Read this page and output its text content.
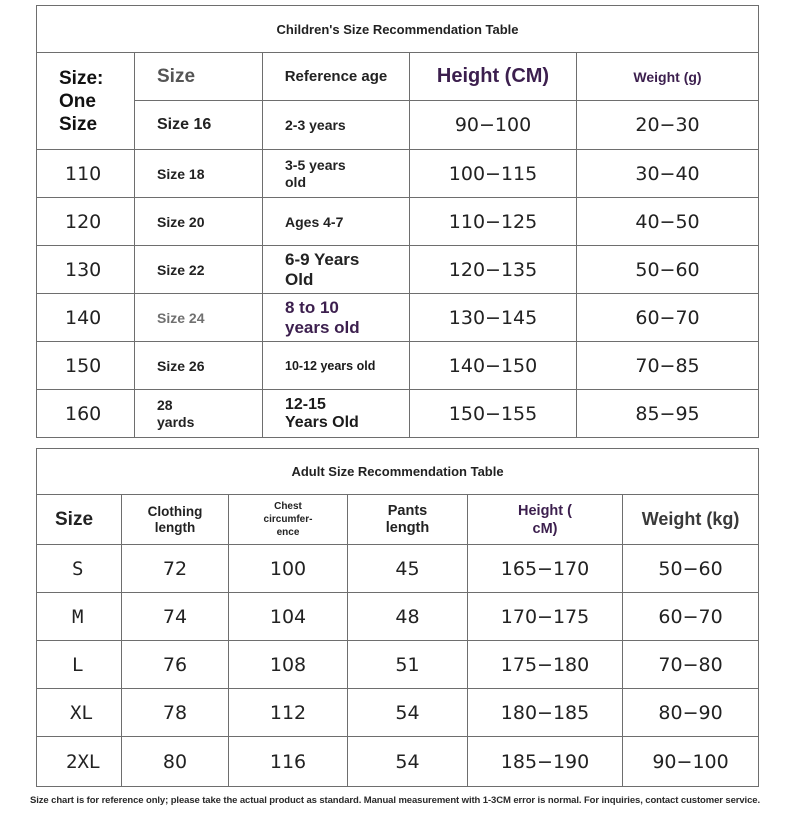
Children's Size Recommendation Table				
Size: One Size	Size	Reference age	Height (CM)	Weight (g)
	Size 16	2-3 years	90−100	20−30
110	Size 18	3-5 years old	100−115	30−40
120	Size 20	Ages 4-7	110−125	40−50
130	Size 22	6-9 Years Old	120−135	50−60
140	Size 24	8 to 10 years old	130−145	60−70
150	Size 26	10-12 years old	140−150	70−85
160	28 yards	12-15 Years Old	150−155	85−95
Adult Size Recommendation Table					
Size	Clothing length	Chest circumfer- ence	Pants length	Height ( cM)	Weight (kg)
S	72	100	45	165−170	50−60
M	74	104	48	170−175	60−70
L	76	108	51	175−180	70−80
XL	78	112	54	180−185	80−90
2XL	80	116	54	185−190	90−100
Size chart is for reference only; please take the actual product as standard. Manual measurement with 1-3CM error is normal. For inquiries, contact customer service.
